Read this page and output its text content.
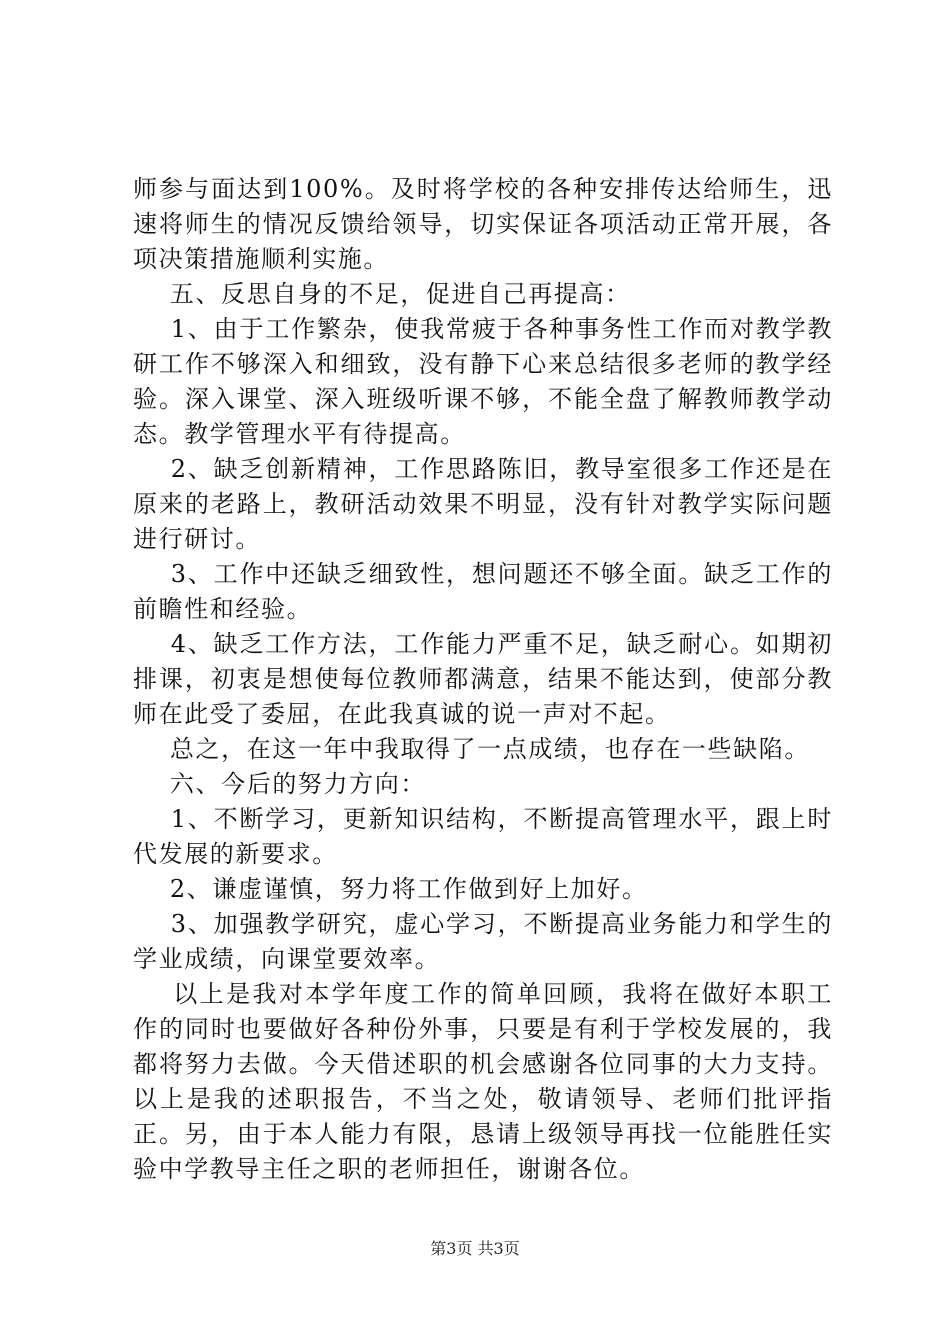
师参与面达到100%。及时将学校的各种安排传达给师生，迅速将师生的情况反馈给领导，切实保证各项活动正常开展，各项决策措施顺利实施。

五、反思自身的不足，促进自己再提高：

1、由于工作繁杂，使我常疲于各种事务性工作而对教学教研工作不够深入和细致，没有静下心来总结很多老师的教学经验。深入课堂、深入班级听课不够，不能全盘了解教师教学动态。教学管理水平有待提高。

2、缺乏创新精神，工作思路陈旧，教导室很多工作还是在原来的老路上，教研活动效果不明显，没有针对教学实际问题进行研讨。

3、工作中还缺乏细致性，想问题还不够全面。缺乏工作的前瞻性和经验。

4、缺乏工作方法，工作能力严重不足，缺乏耐心。如期初排课，初衷是想使每位教师都满意，结果不能达到，使部分教师在此受了委屈，在此我真诚的说一声对不起。

总之，在这一年中我取得了一点成绩，也存在一些缺陷。

六、今后的努力方向：

1、不断学习，更新知识结构，不断提高管理水平，跟上时代发展的新要求。

2、谦虚谨慎，努力将工作做到好上加好。

3、加强教学研究，虚心学习，不断提高业务能力和学生的学业成绩，向课堂要效率。

以上是我对本学年度工作的简单回顾，我将在做好本职工作的同时也要做好各种份外事，只要是有利于学校发展的，我都将努力去做。今天借述职的机会感谢各位同事的大力支持。以上是我的述职报告，不当之处，敬请领导、老师们批评指正。另，由于本人能力有限，恳请上级领导再找一位能胜任实验中学教导主任之职的老师担任，谢谢各位。

第3页 共3页
